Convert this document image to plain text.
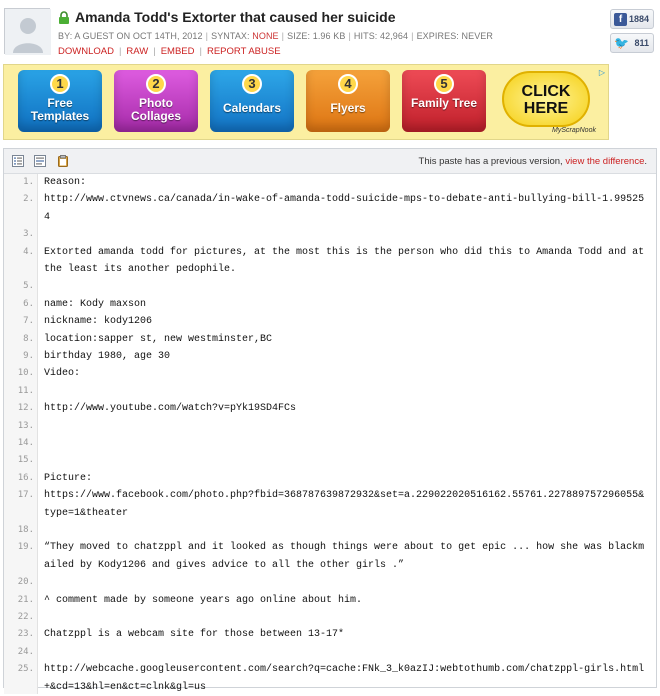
Amanda Todd's Extorter that caused her suicide
BY: A GUEST ON OCT 14TH, 2012 | SYNTAX: NONE | SIZE: 1.96 KB | HITS: 42,964 | EXPIRES: NEVER
DOWNLOAD | RAW | EMBED | REPORT ABUSE
f 1884
🐦 811
1
Free Templates
2
Photo Collages
3
Calendars
4
Flyers
5
Family Tree
CLICK HERE
MyScrapNook
▷
This paste has a previous version, view the difference.
1.	Reason:
2.	http://www.ctvnews.ca/canada/in-wake-of-amanda-todd-suicide-mps-to-debate-anti-bullying-bill-1.995254
3.
4.	Extorted amanda todd for pictures, at the most this is the person who did this to Amanda Todd and at the least its another pedophile.
5.
6.	name: Kody maxson
7.	nickname: kody1206
8.	location:sapper st, new westminster,BC
9.	birthday 1980, age 30
10.	Video:
11.
12.	http://www.youtube.com/watch?v=pYk19SD4FCs
13.
14.
15.
16.	Picture:
17.	https://www.facebook.com/photo.php?fbid=368787639872932&set=a.229022020516162.55761.227889757296055&type=1&theater
18.
19.	“They moved to chatzppl and it looked as though things were about to get epic ... how she was blackmailed by Kody1206 and gives advice to all the other girls .”
20.
21.	^ comment made by someone years ago online about him.
22.
23.	Chatzppl is a webcam site for those between 13-17*
24.
25.	http://webcache.googleusercontent.com/search?q=cache:FNk_3_k0azIJ:webtothumb.com/chatzppl-girls.html+&cd=13&hl=en&ct=clnk&gl=us
